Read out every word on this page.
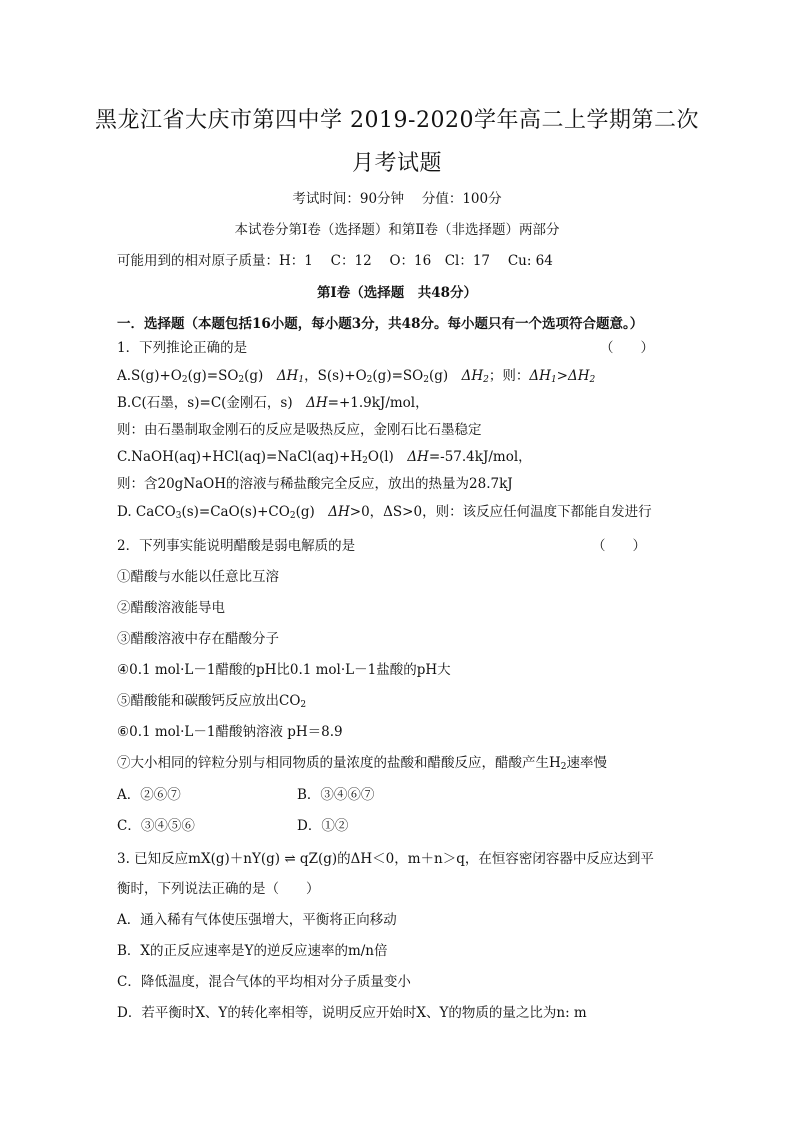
黑龙江省大庆市第四中学 2019-2020学年高二上学期第二次
月考试题
考试时间：90分钟　 分值：100分
本试卷分第Ⅰ卷（选择题）和第Ⅱ卷（非选择题）两部分
可能用到的相对原子质量：H：1　 C：12　 O：16　Cl：17　 Cu: 64
第Ⅰ卷（选择题　共48分）
一．选择题（本题包括16小题，每小题3分，共48分。每小题只有一个选项符合题意。）
1．下列推论正确的是	（　　）
$A.S(g)+O_2(g)=SO_2(g)$　$\Delta H_1$，$S(s)+O_2(g)=SO_2(g)$　$\Delta H_2$；则：$\Delta H_1>\Delta H_2$
B.C(石墨，s)=C(金刚石，s)　ΔH=+1.9kJ/mol，
则：由石墨制取金刚石的反应是吸热反应，金刚石比石墨稳定
$C.NaOH(aq)+HCl(aq)=NaCl(aq)+H_2O(l)$　ΔH=-57.4kJ/mol，
则：含20gNaOH的溶液与稀盐酸完全反应，放出的热量为28.7kJ
D. $CaCO_3(s)=CaO(s)+CO_2(g)$　ΔH>0，ΔS>0，则：该反应任何温度下都能自发进行
2．下列事实能说明醋酸是弱电解质的是	（　　）
①醋酸与水能以任意比互溶
②醋酸溶液能导电
③醋酸溶液中存在醋酸分子
④0.1 mol·L－1醋酸的pH比0.1 mol·L－1盐酸的pH大
⑤醋酸能和碳酸钙反应放出$CO_2$
⑥0.1 mol·L－1醋酸钠溶液 pH＝8.9
⑦大小相同的锌粒分别与相同物质的量浓度的盐酸和醋酸反应，醋酸产生$H_2$速率慢
A．②⑥⑦	B．③④⑥⑦
C．③④⑤⑥	D．①②
3. 已知反应mX(g)＋nY(g) ⇌ qZ(g)的ΔH＜0，m＋n＞q，在恒容密闭容器中反应达到平
衡时，下列说法正确的是（　　）
A．通入稀有气体使压强增大，平衡将正向移动
B．X的正反应速率是Y的逆反应速率的m/n倍
C．降低温度，混合气体的平均相对分子质量变小
D．若平衡时X、Y的转化率相等，说明反应开始时X、Y的物质的量之比为n: m
